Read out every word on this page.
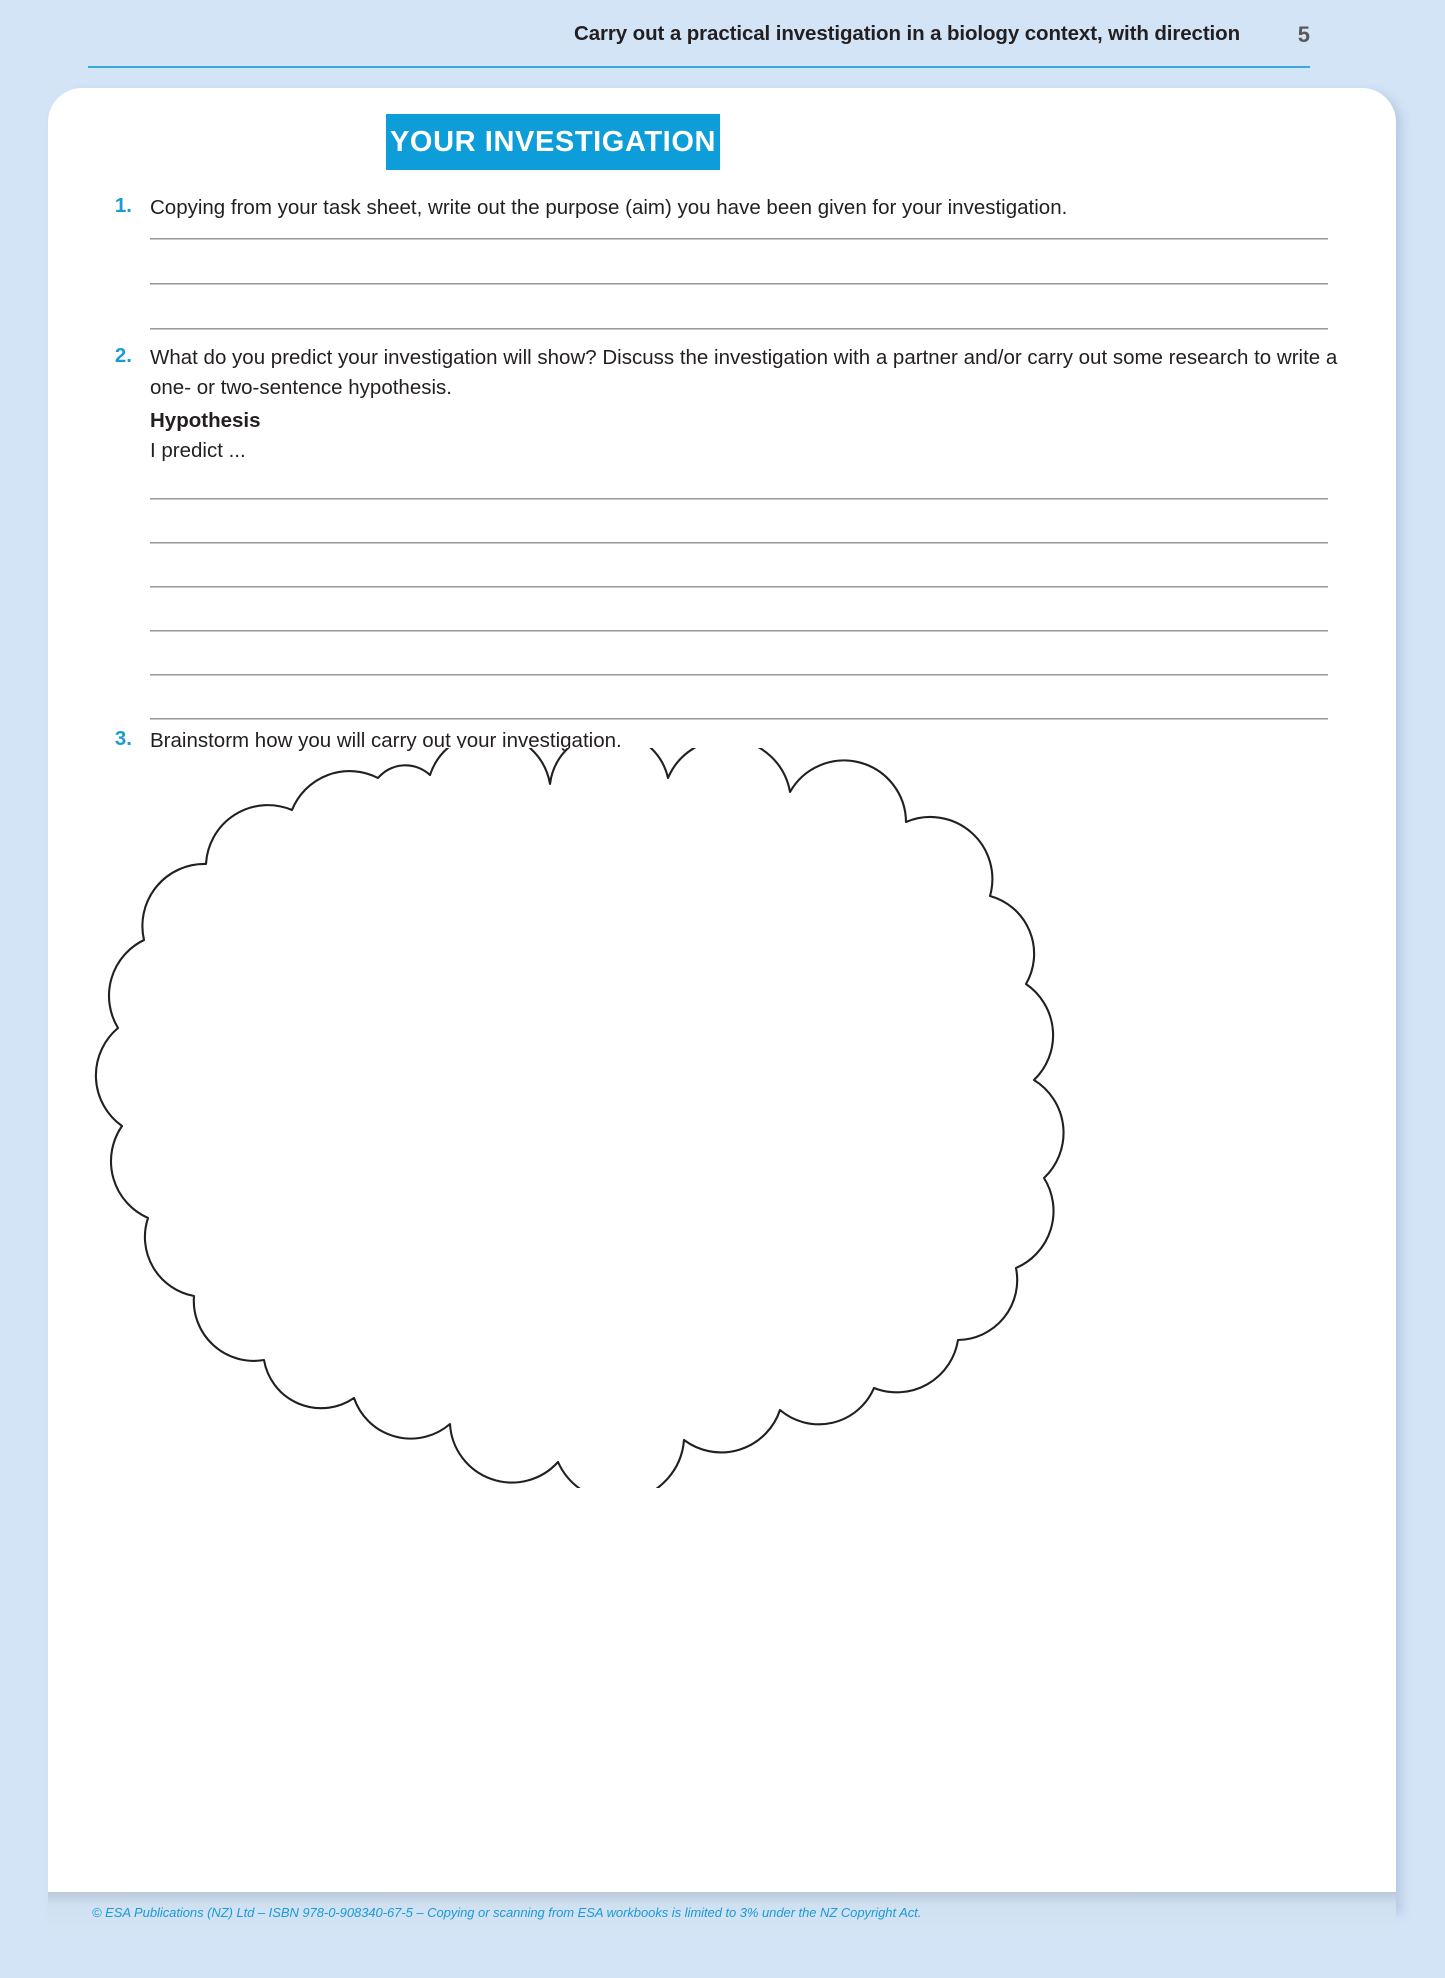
Carry out a practical investigation in a biology context, with direction	5
YOUR INVESTIGATION
1. Copying from your task sheet, write out the purpose (aim) you have been given for your investigation.

2. What do you predict your investigation will show? Discuss the investigation with a partner and/or carry out some research to write a one- or two-sentence hypothesis.

Hypothesis

I predict ...

3. Brainstorm how you will carry out your investigation.

© ESA Publications (NZ) Ltd – ISBN 978-0-908340-67-5 – Copying or scanning from ESA workbooks is limited to 3% under the NZ Copyright Act.
